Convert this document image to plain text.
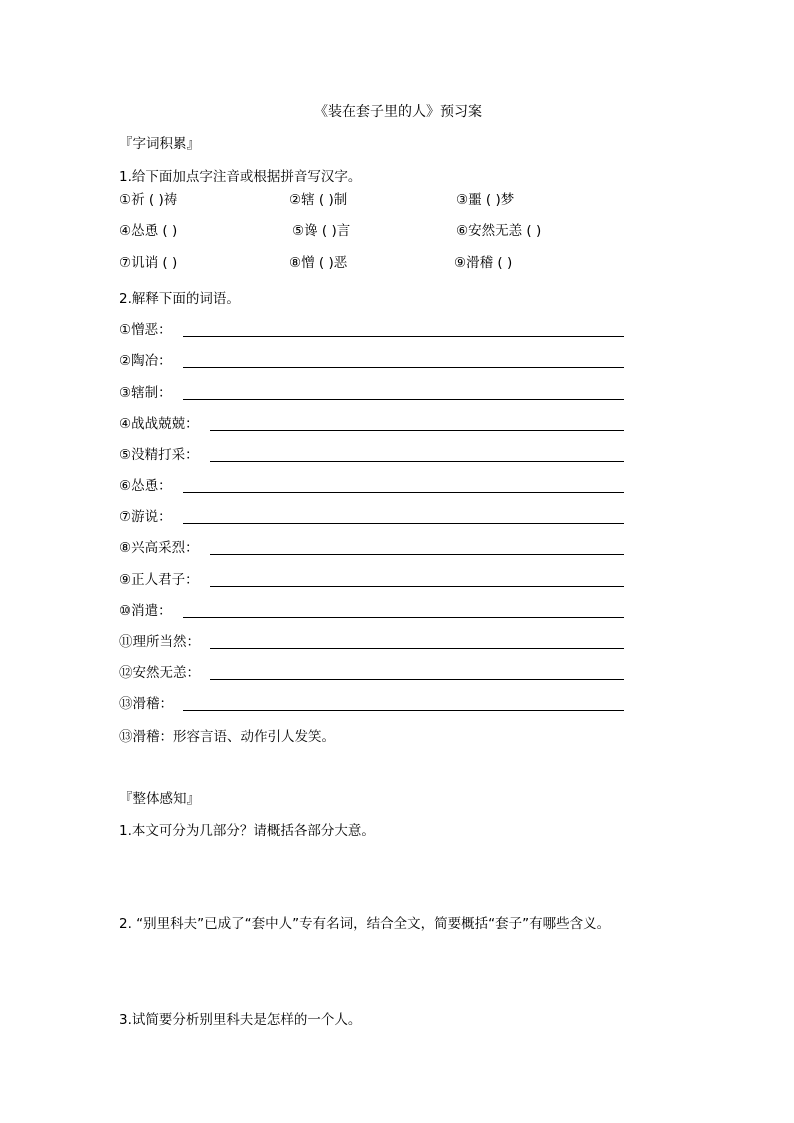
《装在套子里的人》预习案
『字词积累』
1.给下面加点字注音或根据拼音写汉字。
①祈 ( )祷	②辖 ( )制	③噩 ( )梦
④怂恿 ( )	⑤谗 ( )言	⑥安然无恙 ( )
⑦讥诮 ( )	⑧憎 ( )恶	⑨滑稽 ( )
2.解释下面的词语。
①憎恶：
②陶冶：
③辖制：
④战战兢兢：
⑤没精打采：
⑥怂恿：
⑦游说：
⑧兴高采烈：
⑨正人君子：
⑩消遣：
⑪理所当然：
⑫安然无恙：
⑬滑稽：
⑬滑稽：形容言语、动作引人发笑。
『整体感知』
1.本文可分为几部分？请概括各部分大意。
2. “别里科夫”已成了“套中人”专有名词，结合全文，简要概括“套子”有哪些含义。
3.试简要分析别里科夫是怎样的一个人。
